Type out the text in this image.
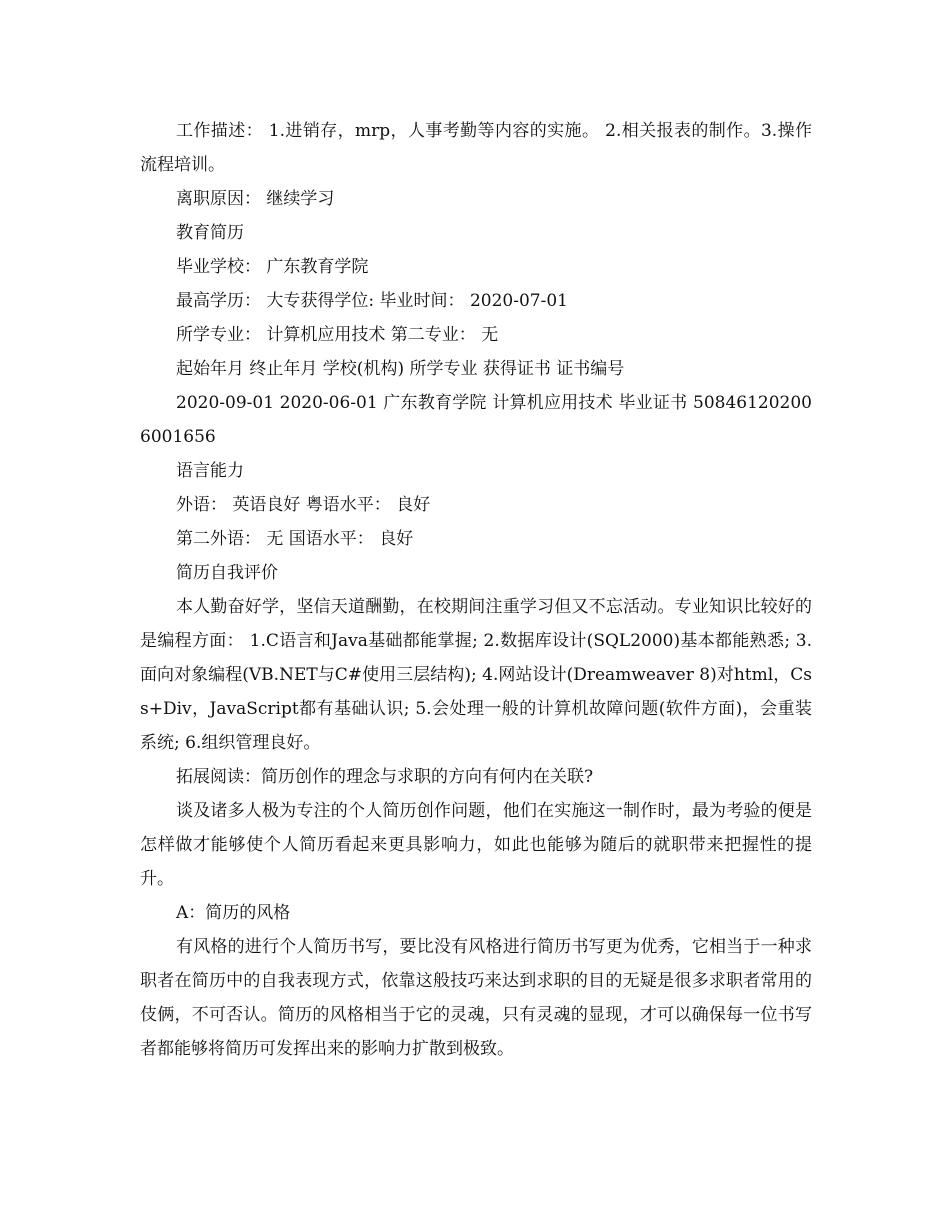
工作描述： 1.进销存，mrp，人事考勤等内容的实施。 2.相关报表的制作。3.操作流程培训。

离职原因： 继续学习

教育简历

毕业学校： 广东教育学院

最高学历： 大专获得学位: 毕业时间： 2020-07-01

所学专业： 计算机应用技术 第二专业： 无

起始年月 终止年月 学校(机构) 所学专业 获得证书 证书编号

2020-09-01 2020-06-01 广东教育学院 计算机应用技术 毕业证书 50846120200600165​6

语言能力

外语： 英语良好 粤语水平： 良好

第二外语： 无 国语水平： 良好

简历自我评价

本人勤奋好学，坚信天道酬勤，在校期间注重学习但又不忘活动。专业知识比较好的是编程方面： 1.C语言和Java基础都能掌握; 2.数据库设计(SQL2000)基本都能熟悉; 3.面向对象编程(VB.NET与C#使用三层结构); 4.网站设计(Dreamweaver 8)对html，Css+Div，JavaScript都有基础认识; 5.会处理一般的计算机故障问题(软件方面)，会重装系统; 6.组织管理良好。

拓展阅读：简历创作的理念与求职的方向有何内在关联?

谈及诸多人极为专注的个人简历创作问题，他们在实施这一制作时，最为考验的便是怎样做才能够使个人简历看起来更具影响力，如此也能够为随后的就职带来把握性的提升。

A：简历的风格

有风格的进行个人简历书写，要比没有风格进行简历书写更为优秀，它相当于一种求职者在简历中的自我表现方式，依靠这般技巧来达到求职的目的无疑是很多求职者常用的伎俩，不可否认。简历的风格相当于它的灵魂，只有灵魂的显现，才可以确保每一位书写者都能够将简历可发挥出来的影响力扩散到极致。
